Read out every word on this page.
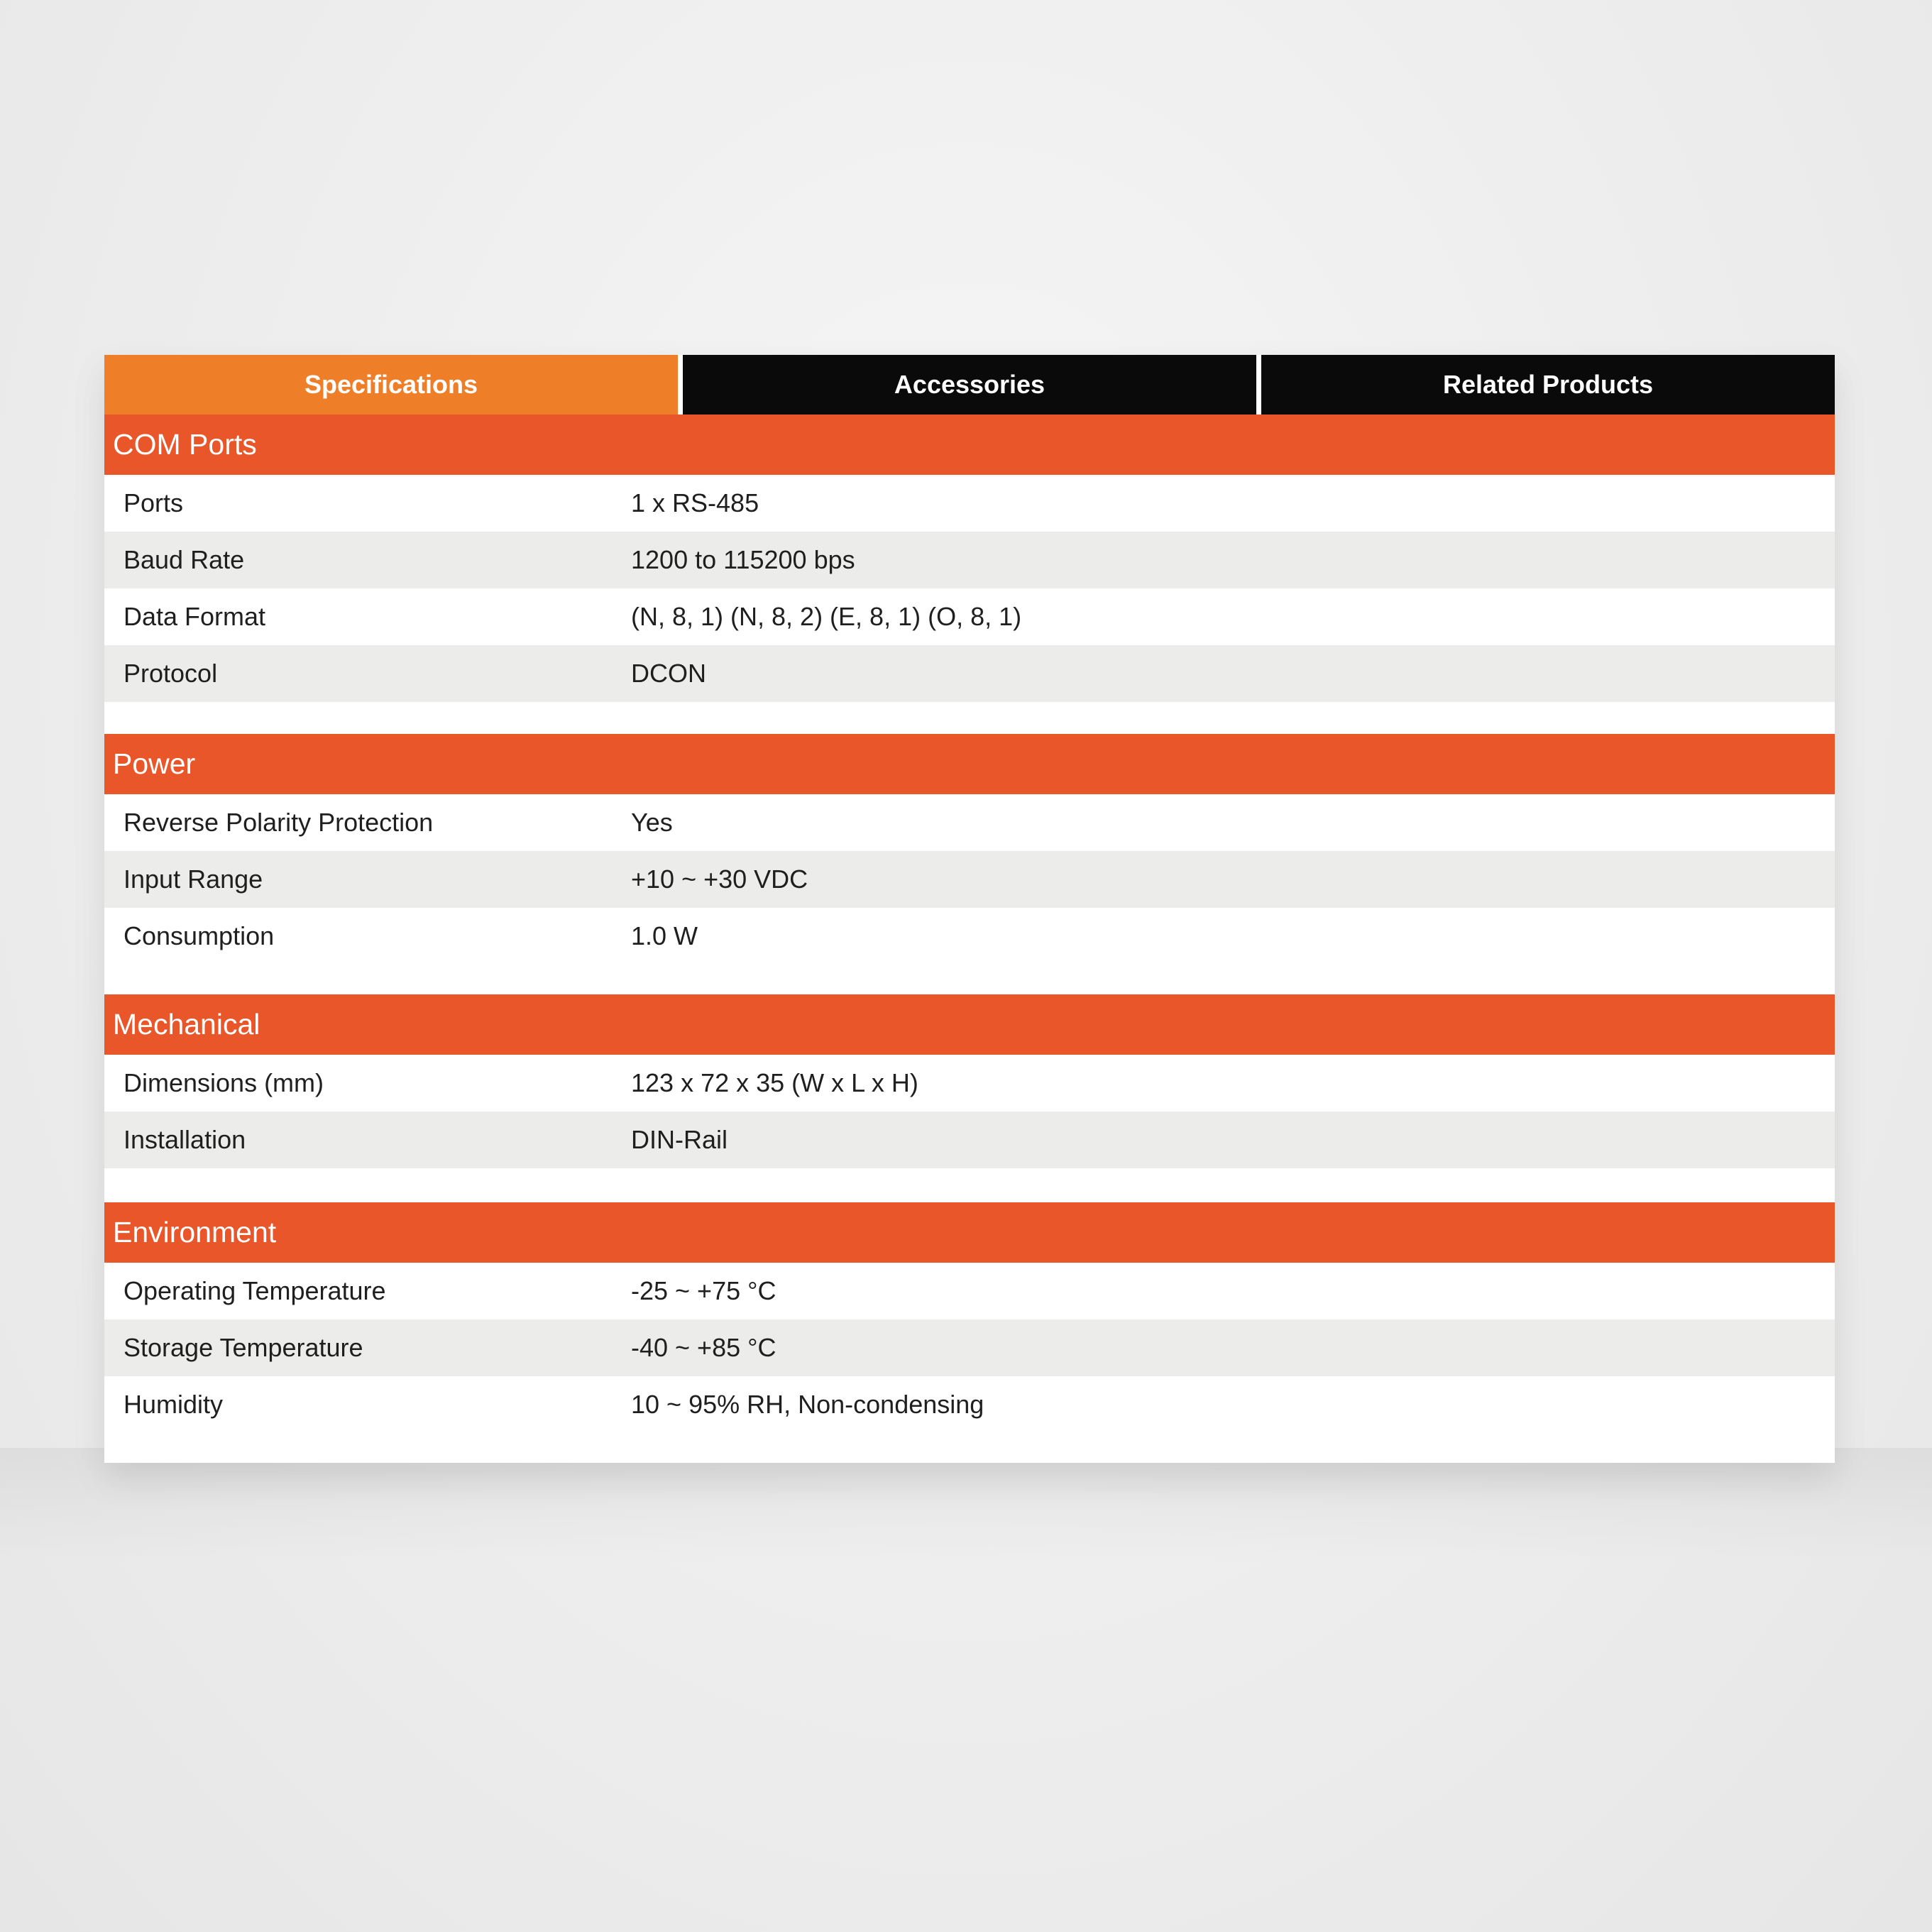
Specifications	Accessories	Related Products
COM Ports
Ports	1 x RS-485
Baud Rate	1200 to 115200 bps
Data Format	(N, 8, 1) (N, 8, 2) (E, 8, 1) (O, 8, 1)
Protocol	DCON
Power
Reverse Polarity Protection	Yes
Input Range	+10 ~ +30 VDC
Consumption	1.0 W
Mechanical
Dimensions (mm)	123 x 72 x 35 (W x L x H)
Installation	DIN-Rail
Environment
Operating Temperature	-25 ~ +75 °C
Storage Temperature	-40 ~ +85 °C
Humidity	10 ~ 95% RH, Non-condensing
